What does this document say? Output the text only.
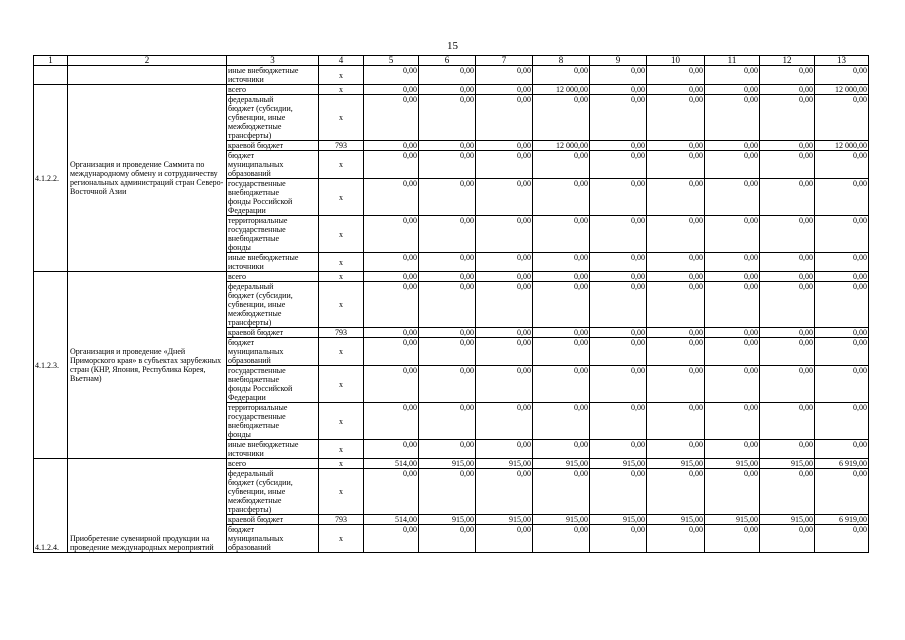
15
1	2	3	4	5	6	7	8	9	10	11	12	13
		иные внебюджетные
источники	x	0,00	0,00	0,00	0,00	0,00	0,00	0,00	0,00	0,00
4.1.2.2.	Организация и проведение Саммита по международному обмену и сотрудничеству региональных администраций стран Северо-Восточной Азии	всего	x	0,00	0,00	0,00	12 000,00	0,00	0,00	0,00	0,00	12 000,00
		федеральный
бюджет (субсидии,
субвенции, иные
межбюджетные
трансферты)	x	0,00	0,00	0,00	0,00	0,00	0,00	0,00	0,00	0,00
		краевой бюджет	793	0,00	0,00	0,00	12 000,00	0,00	0,00	0,00	0,00	12 000,00
		бюджет
муниципальных
образований	x	0,00	0,00	0,00	0,00	0,00	0,00	0,00	0,00	0,00
		государственные
внебюджетные
фонды Российской
Федерации	x	0,00	0,00	0,00	0,00	0,00	0,00	0,00	0,00	0,00
		территориальные
государственные
внебюджетные
фонды	x	0,00	0,00	0,00	0,00	0,00	0,00	0,00	0,00	0,00
		иные внебюджетные
источники	x	0,00	0,00	0,00	0,00	0,00	0,00	0,00	0,00	0,00
4.1.2.3.	Организация и проведение «Дней Приморского края» в субъектах зарубежных стран (КНР, Япония, Республика Корея, Вьетнам)	всего	x	0,00	0,00	0,00	0,00	0,00	0,00	0,00	0,00	0,00
		федеральный
бюджет (субсидии,
субвенции, иные
межбюджетные
трансферты)	x	0,00	0,00	0,00	0,00	0,00	0,00	0,00	0,00	0,00
		краевой бюджет	793	0,00	0,00	0,00	0,00	0,00	0,00	0,00	0,00	0,00
		бюджет
муниципальных
образований	x	0,00	0,00	0,00	0,00	0,00	0,00	0,00	0,00	0,00
		государственные
внебюджетные
фонды Российской
Федерации	x	0,00	0,00	0,00	0,00	0,00	0,00	0,00	0,00	0,00
		территориальные
государственные
внебюджетные
фонды	x	0,00	0,00	0,00	0,00	0,00	0,00	0,00	0,00	0,00
		иные внебюджетные
источники	x	0,00	0,00	0,00	0,00	0,00	0,00	0,00	0,00	0,00
4.1.2.4.	Приобретение сувенирной продукции на проведение международных мероприятий	всего	x	514,00	915,00	915,00	915,00	915,00	915,00	915,00	915,00	6 919,00
		федеральный
бюджет (субсидии,
субвенции, иные
межбюджетные
трансферты)	x	0,00	0,00	0,00	0,00	0,00	0,00	0,00	0,00	0,00
		краевой бюджет	793	514,00	915,00	915,00	915,00	915,00	915,00	915,00	915,00	6 919,00
		бюджет
муниципальных
образований	x	0,00	0,00	0,00	0,00	0,00	0,00	0,00	0,00	0,00
